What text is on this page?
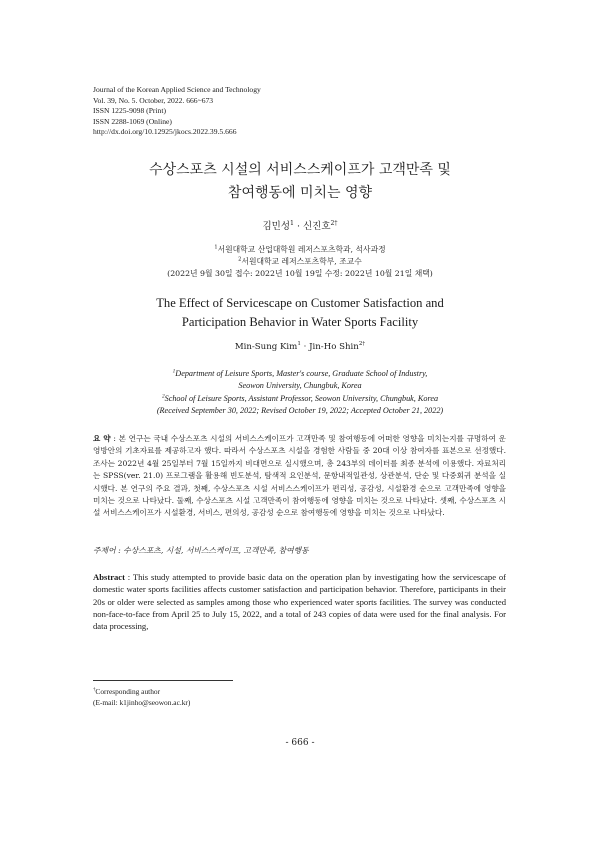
Journal of the Korean Applied Science and Technology
Vol. 39, No. 5. October, 2022. 666~673
ISSN 1225-9098 (Print)
ISSN 2288-1069 (Online)
http://dx.doi.org/10.12925/jkocs.2022.39.5.666
수상스포츠 시설의 서비스스케이프가 고객만족 및
참여행동에 미치는 영향
김민성$^1$ · 신진호$^{2\dagger}$
$^1$서원대학교 산업대학원 레저스포츠학과, 석사과정
$^2$서원대학교 레저스포츠학부, 조교수
(2022년 9월 30일 접수: 2022년 10월 19일 수정: 2022년 10월 21일 채택)
The Effect of Servicescape on Customer Satisfaction and
Participation Behavior in Water Sports Facility
Min-Sung Kim$^1$ · Jin-Ho Shin$^{2\dagger}$
$^1$Department of Leisure Sports, Master's course, Graduate School of Industry,
Seowon University, Chungbuk, Korea
$^2$School of Leisure Sports, Assistant Professor, Seowon University, Chungbuk, Korea
(Received September 30, 2022; Revised October 19, 2022; Accepted October 21, 2022)
요 약 : 본 연구는 국내 수상스포츠 시설의 서비스스케이프가 고객만족 및 참여행동에 어떠한 영향을 미치는지를 규명하여 운영방안의 기초자료를 제공하고자 했다. 따라서 수상스포츠 시설을 경험한 사람들 중 20대 이상 참여자를 표본으로 선정했다. 조사는 2022년 4월 25일부터 7월 15일까지 비대면으로 실시했으며, 총 243부의 데이터를 최종 분석에 이용했다. 자료처리는 SPSS(ver. 21.0) 프로그램을 활용해 빈도분석, 탐색적 요인분석, 문항내적일관성, 상관분석, 단순 및 다중회귀 분석을 실시했다. 본 연구의 주요 결과, 첫째, 수상스포츠 시설 서비스스케이프가 편리성, 공감성, 시설환경 순으로 고객만족에 영향을 미치는 것으로 나타났다. 둘째, 수상스포츠 시설 고객만족이 참여행동에 영향을 미치는 것으로 나타났다. 셋째, 수상스포츠 시설 서비스스케이프가 시설환경, 서비스, 편의성, 공감성 순으로 참여행동에 영향을 미치는 것으로 나타났다.
주제어 : 수상스포츠, 시설, 서비스스케이프, 고객만족, 참여행동
Abstract : This study attempted to provide basic data on the operation plan by investigating how the servicescape of domestic water sports facilities affects customer satisfaction and participation behavior. Therefore, participants in their 20s or older were selected as samples among those who experienced water sports facilities. The survey was conducted non-face-to-face from April 25 to July 15, 2022, and a total of 243 copies of data were used for the final analysis. For data processing,
†Corresponding author
(E-mail: k1jinho@seowon.ac.kr)
- 666 -
